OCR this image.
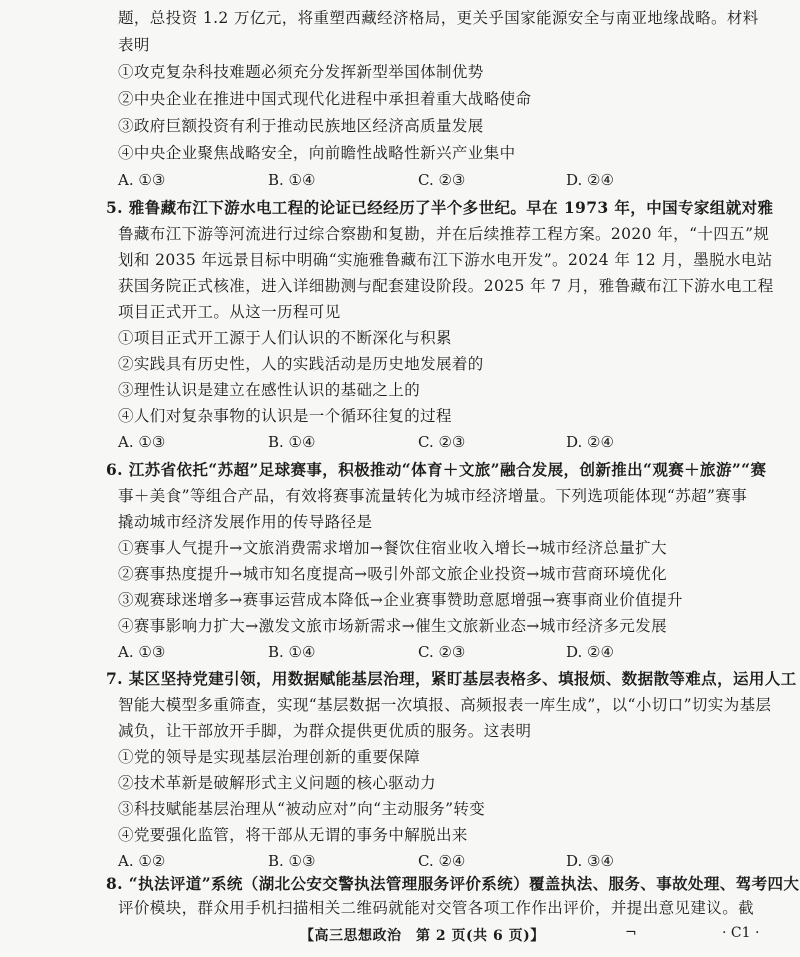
题，总投资 1.2 万亿元，将重塑西藏经济格局，更关乎国家能源安全与南亚地缘战略。材料
表明
①攻克复杂科技难题必须充分发挥新型举国体制优势
②中央企业在推进中国式现代化进程中承担着重大战略使命
③政府巨额投资有利于推动民族地区经济高质量发展
④中央企业聚焦战略安全，向前瞻性战略性新兴产业集中
A. ①③	B. ①④	C. ②③	D. ②④
5. 雅鲁藏布江下游水电工程的论证已经经历了半个多世纪。早在 1973 年，中国专家组就对雅
鲁藏布江下游等河流进行过综合察勘和复勘，并在后续推荐工程方案。2020 年，“十四五”规
划和 2035 年远景目标中明确“实施雅鲁藏布江下游水电开发”。2024 年 12 月，墨脱水电站
获国务院正式核准，进入详细勘测与配套建设阶段。2025 年 7 月，雅鲁藏布江下游水电工程
项目正式开工。从这一历程可见
①项目正式开工源于人们认识的不断深化与积累
②实践具有历史性，人的实践活动是历史地发展着的
③理性认识是建立在感性认识的基础之上的
④人们对复杂事物的认识是一个循环往复的过程
A. ①③	B. ①④	C. ②③	D. ②④
6. 江苏省依托“苏超”足球赛事，积极推动“体育＋文旅”融合发展，创新推出“观赛＋旅游”“赛
事＋美食”等组合产品，有效将赛事流量转化为城市经济增量。下列选项能体现“苏超”赛事
撬动城市经济发展作用的传导路径是
①赛事人气提升→文旅消费需求增加→餐饮住宿业收入增长→城市经济总量扩大
②赛事热度提升→城市知名度提高→吸引外部文旅企业投资→城市营商环境优化
③观赛球迷增多→赛事运营成本降低→企业赛事赞助意愿增强→赛事商业价值提升
④赛事影响力扩大→激发文旅市场新需求→催生文旅新业态→城市经济多元发展
A. ①③	B. ①④	C. ②③	D. ②④
7. 某区坚持党建引领，用数据赋能基层治理，紧盯基层表格多、填报烦、数据散等难点，运用人工
智能大模型多重筛查，实现“基层数据一次填报、高频报表一库生成”，以“小切口”切实为基层
减负，让干部放开手脚，为群众提供更优质的服务。这表明
①党的领导是实现基层治理创新的重要保障
②技术革新是破解形式主义问题的核心驱动力
③科技赋能基层治理从“被动应对”向“主动服务”转变
④党要强化监管，将干部从无谓的事务中解脱出来
A. ①②	B. ①③	C. ②④	D. ③④
8. “执法评道”系统（湖北公安交警执法管理服务评价系统）覆盖执法、服务、事故处理、驾考四大
评价模块，群众用手机扫描相关二维码就能对交管各项工作作出评价，并提出意见建议。截
【高三思想政治　第 2 页(共 6 页)】	¬	· C1 ·
